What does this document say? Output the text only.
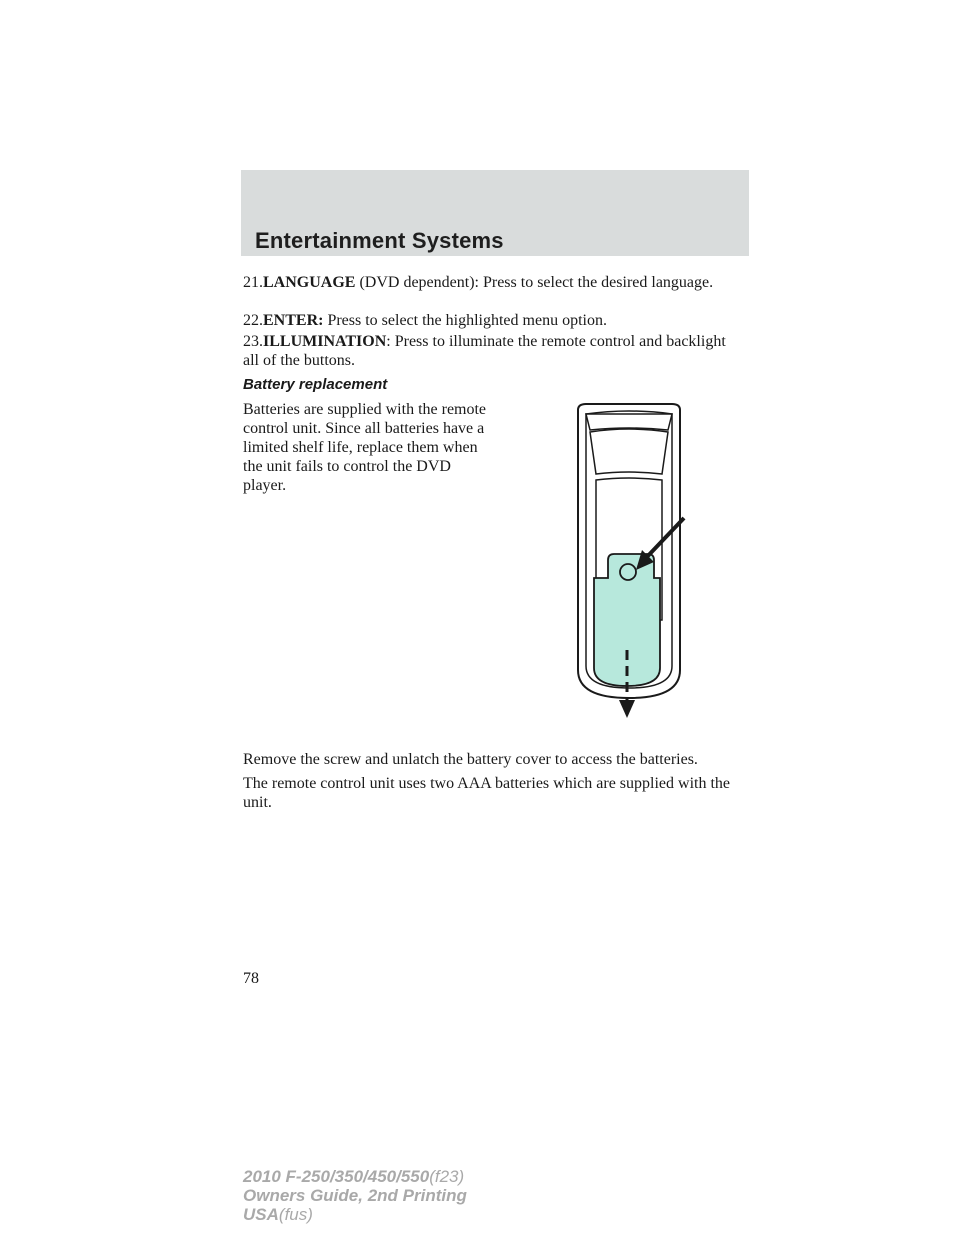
Entertainment Systems

21.LANGUAGE (DVD dependent): Press to select the desired language.

22.ENTER: Press to select the highlighted menu option.

23.ILLUMINATION: Press to illuminate the remote control and backlight all of the buttons.

Battery replacement

Batteries are supplied with the remote control unit. Since all batteries have a limited shelf life, replace them when the unit fails to control the DVD player.

Remove the screw and unlatch the battery cover to access the batteries.

The remote control unit uses two AAA batteries which are supplied with the unit.

78
2010 F-250/350/450/550(f23)
Owners Guide, 2nd Printing
USA(fus)
